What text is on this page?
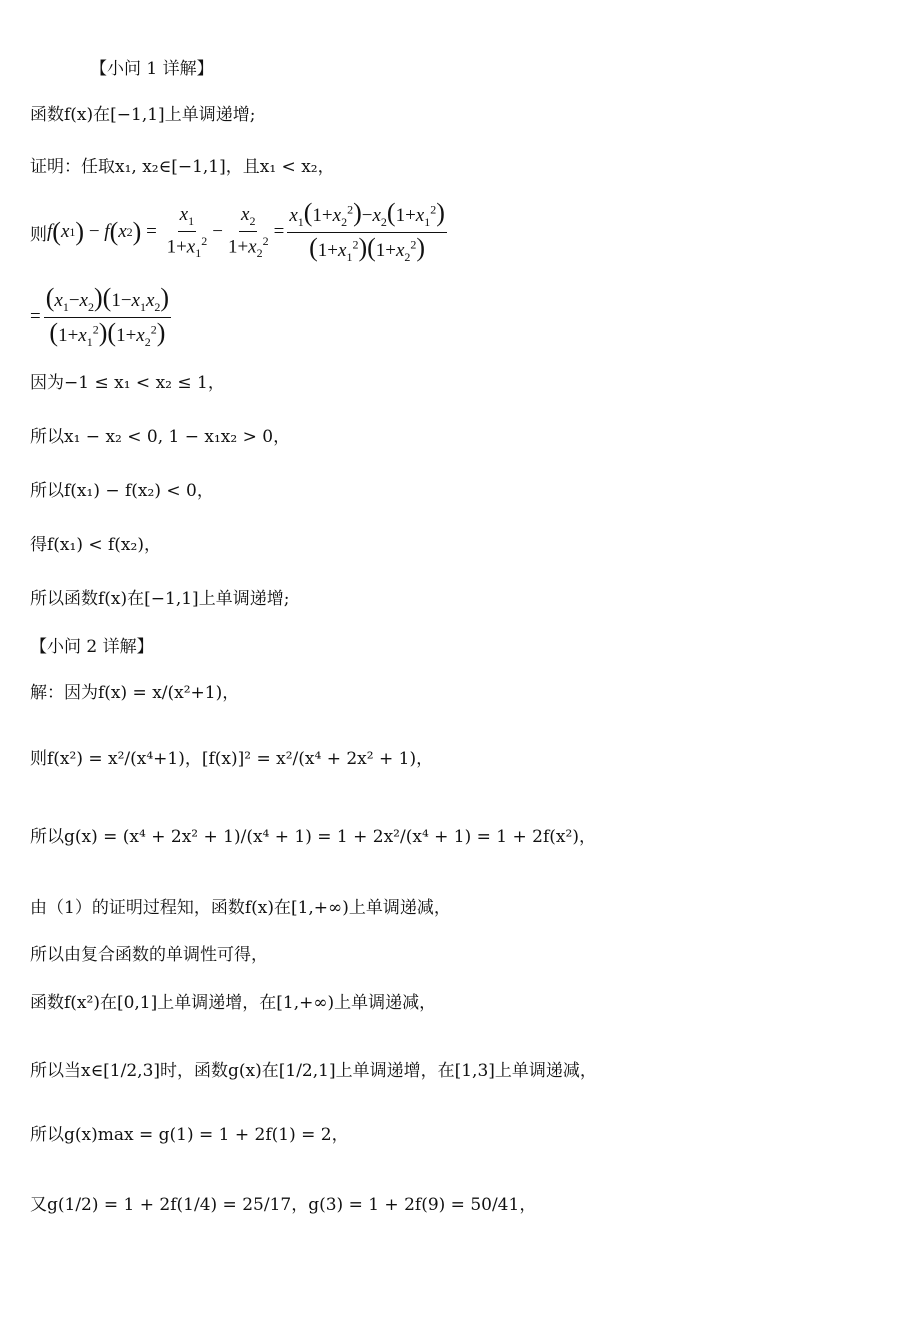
【小问 1 详解】
函数f(x)在[−1,1]上单调递增;
证明：任取x₁, x₂∈[−1,1]，且x₁ < x₂，
则 f ( x 1 ) − f ( x 2 ) = $\frac{x_1}{1+x_1^2} - \frac{x_2}{1+x_2^2} = \frac{x_1(1+x_2^2)-x_2(1+x_1^2)}{(1+x_1^2)(1+x_2^2)}$
= $\frac{(x_1-x_2)(1-x_1x_2)}{(1+x_1^2)(1+x_2^2)}$
因为−1 ≤ x₁ < x₂ ≤ 1，
所以x₁ − x₂ < 0, 1 − x₁x₂ > 0，
所以f(x₁) − f(x₂) < 0，
得f(x₁) < f(x₂)，
所以函数f(x)在[−1,1]上单调递增;
【小问 2 详解】
解：因为f(x) = x/(x²+1)，
则f(x²) = x²/(x⁴+1)，[f(x)]² = x²/(x⁴ + 2x² + 1)，
所以g(x) = (x⁴ + 2x² + 1)/(x⁴ + 1) = 1 + 2x²/(x⁴ + 1) = 1 + 2f(x²)，
由（1）的证明过程知，函数f(x)在[1,+∞)上单调递减，
所以由复合函数的单调性可得，
函数f(x²)在[0,1]上单调递增，在[1,+∞)上单调递减，
所以当x∈[1/2,3]时，函数g(x)在[1/2,1]上单调递增，在[1,3]上单调递减，
所以g(x)max = g(1) = 1 + 2f(1) = 2，
又g(1/2) = 1 + 2f(1/4) = 25/17，g(3) = 1 + 2f(9) = 50/41，
